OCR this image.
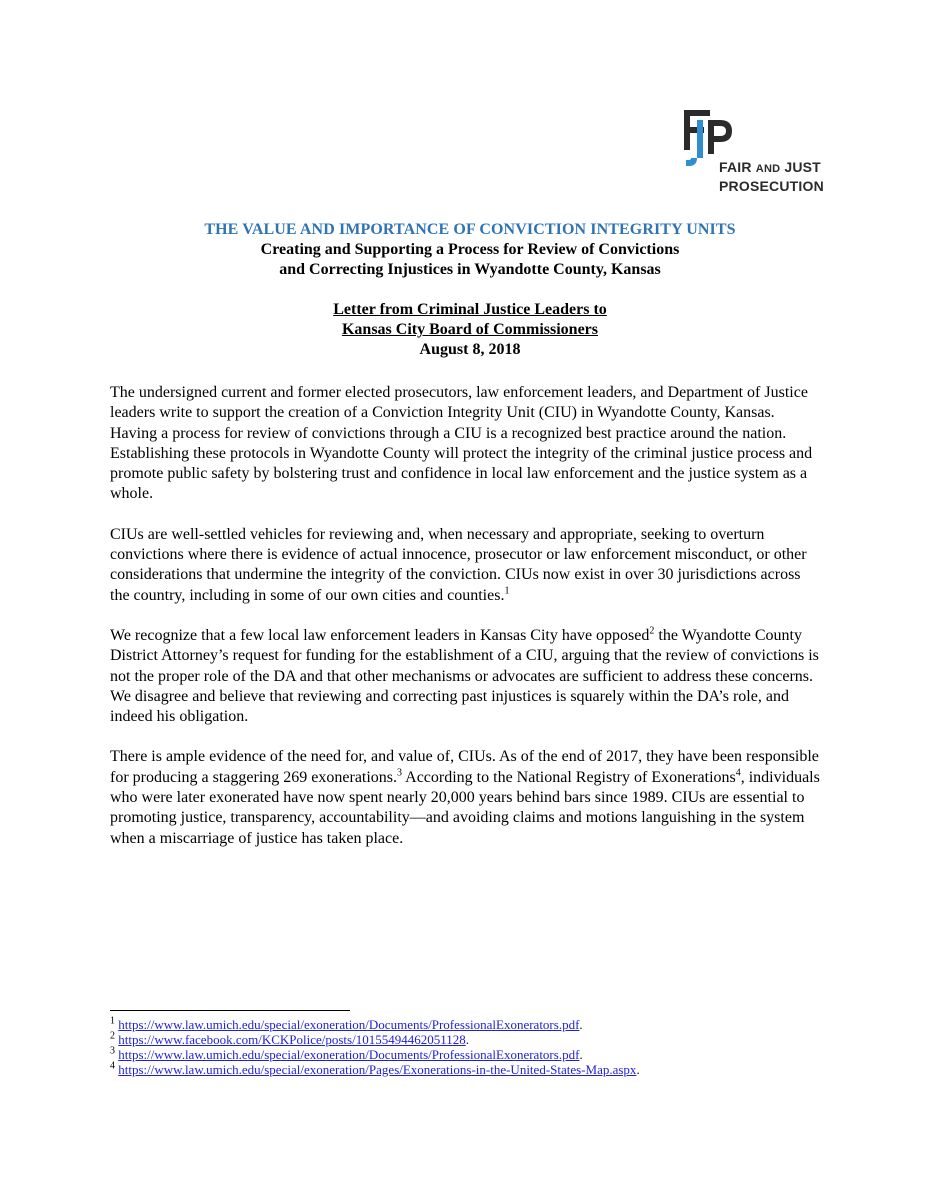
FAIR AND JUST
PROSECUTION
THE VALUE AND IMPORTANCE OF CONVICTION INTEGRITY UNITS
Creating and Supporting a Process for Review of Convictions
and Correcting Injustices in Wyandotte County, Kansas
Letter from Criminal Justice Leaders to
Kansas City Board of Commissioners
August 8, 2018

The undersigned current and former elected prosecutors, law enforcement leaders, and Department of Justice leaders write to support the creation of a Conviction Integrity Unit (CIU) in Wyandotte County, Kansas. Having a process for review of convictions through a CIU is a recognized best practice around the nation. Establishing these protocols in Wyandotte County will protect the integrity of the criminal justice process and promote public safety by bolstering trust and confidence in local law enforcement and the justice system as a whole.

CIUs are well-settled vehicles for reviewing and, when necessary and appropriate, seeking to overturn convictions where there is evidence of actual innocence, prosecutor or law enforcement misconduct, or other considerations that undermine the integrity of the conviction. CIUs now exist in over 30 jurisdictions across the country, including in some of our own cities and counties.$^1$

We recognize that a few local law enforcement leaders in Kansas City have opposed$^2$ the Wyandotte County District Attorney’s request for funding for the establishment of a CIU, arguing that the review of convictions is not the proper role of the DA and that other mechanisms or advocates are sufficient to address these concerns. We disagree and believe that reviewing and correcting past injustices is squarely within the DA’s role, and indeed his obligation.

There is ample evidence of the need for, and value of, CIUs. As of the end of 2017, they have been responsible for producing a staggering 269 exonerations.$^3$ According to the National Registry of Exonerations$^4$, individuals who were later exonerated have now spent nearly 20,000 years behind bars since 1989. CIUs are essential to promoting justice, transparency, accountability—and avoiding claims and motions languishing in the system when a miscarriage of justice has taken place.

$^1$ https://www.law.umich.edu/special/exoneration/Documents/ProfessionalExonerators.pdf.
$^2$ https://www.facebook.com/KCKPolice/posts/10155494462051128.
$^3$ https://www.law.umich.edu/special/exoneration/Documents/ProfessionalExonerators.pdf.
$^4$ https://www.law.umich.edu/special/exoneration/Pages/Exonerations-in-the-United-States-Map.aspx.
